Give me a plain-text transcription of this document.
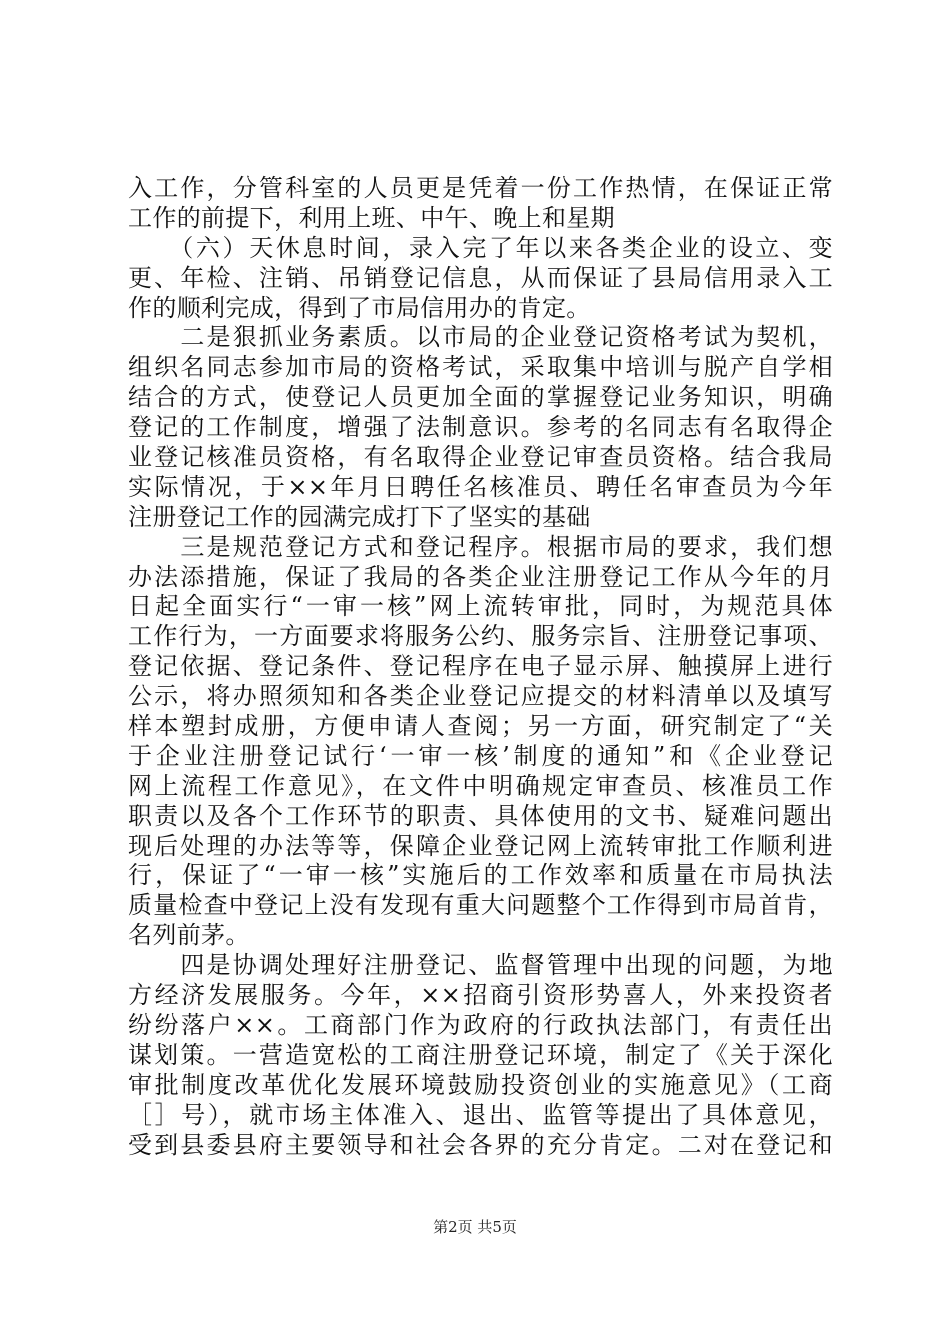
入工作，分管科室的人员更是凭着一份工作热情，在保证正常
工作的前提下，利用上班、中午、晚上和星期
　　（六）天休息时间，录入完了年以来各类企业的设立、变
更、年检、注销、吊销登记信息，从而保证了县局信用录入工
作的顺利完成，得到了市局信用办的肯定。
　　二是狠抓业务素质。以市局的企业登记资格考试为契机，
组织名同志参加市局的资格考试，采取集中培训与脱产自学相
结合的方式，使登记人员更加全面的掌握登记业务知识，明确
登记的工作制度，增强了法制意识。参考的名同志有名取得企
业登记核准员资格，有名取得企业登记审查员资格。结合我局
实际情况，于××年月日聘任名核准员、聘任名审查员为今年
注册登记工作的园满完成打下了坚实的基础
　　三是规范登记方式和登记程序。根据市局的要求，我们想
办法添措施，保证了我局的各类企业注册登记工作从今年的月
日起全面实行“一审一核”网上流转审批，同时，为规范具体
工作行为，一方面要求将服务公约、服务宗旨、注册登记事项、
登记依据、登记条件、登记程序在电子显示屏、触摸屏上进行
公示，将办照须知和各类企业登记应提交的材料清单以及填写
样本塑封成册，方便申请人查阅；另一方面，研究制定了“关
于企业注册登记试行‘一审一核’制度的通知”和《企业登记
网上流程工作意见》，在文件中明确规定审查员、核准员工作
职责以及各个工作环节的职责、具体使用的文书、疑难问题出
现后处理的办法等等，保障企业登记网上流转审批工作顺利进
行，保证了“一审一核”实施后的工作效率和质量在市局执法
质量检查中登记上没有发现有重大问题整个工作得到市局首肯，
名列前茅。
　　四是协调处理好注册登记、监督管理中出现的问题，为地
方经济发展服务。今年，××招商引资形势喜人，外来投资者
纷纷落户××。工商部门作为政府的行政执法部门，有责任出
谋划策。一营造宽松的工商注册登记环境，制定了《关于深化
审批制度改革优化发展环境鼓励投资创业的实施意见》（工商
［］号），就市场主体准入、退出、监管等提出了具体意见，
受到县委县府主要领导和社会各界的充分肯定。二对在登记和
第2页 共5页
